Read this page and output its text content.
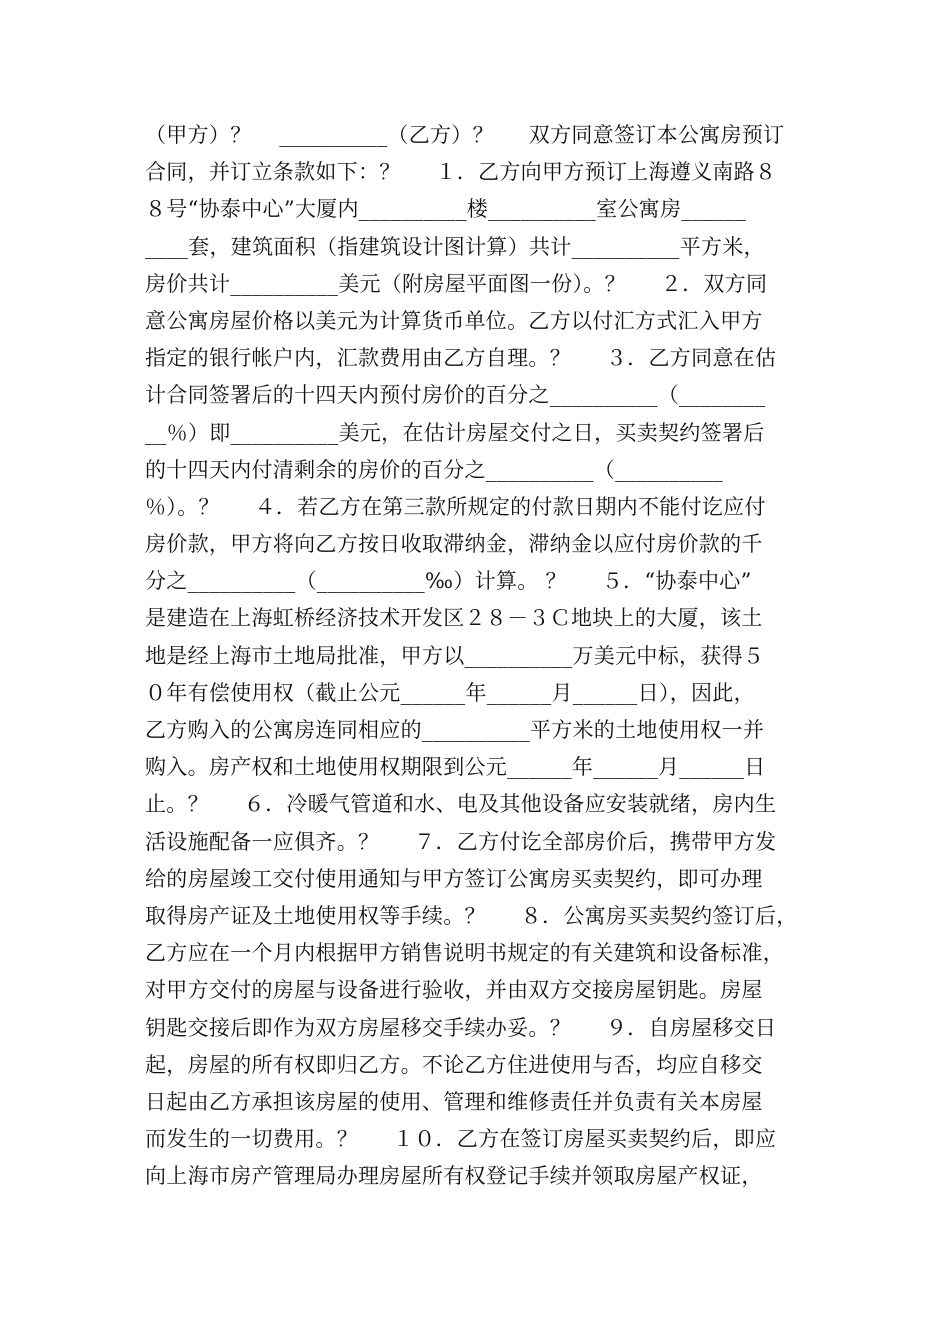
（甲方）？    __________（乙方）？     双方同意签订本公寓房预订
合同，并订立条款如下：？     １．乙方向甲方预订上海遵义南路８
８号“协泰中心”大厦内__________楼__________室公寓房______
____套，建筑面积（指建筑设计图计算）共计__________平方米，
房价共计__________美元（附房屋平面图一份）。？     ２．双方同
意公寓房屋价格以美元为计算货币单位。乙方以付汇方式汇入甲方
指定的银行帐户内，汇款费用由乙方自理。？     ３．乙方同意在估
计合同签署后的十四天内预付房价的百分之__________（________
__％）即__________美元，在估计房屋交付之日，买卖契约签署后
的十四天内付清剩余的房价的百分之__________（__________
％）。？     ４．若乙方在第三款所规定的付款日期内不能付讫应付
房价款，甲方将向乙方按日收取滞纳金，滞纳金以应付房价款的千
分之__________（__________‰）计算。 ？     ５．“协泰中心”
是建造在上海虹桥经济技术开发区２８－３Ｃ地块上的大厦，该土
地是经上海市土地局批准，甲方以__________万美元中标，获得５
０年有偿使用权（截止公元______年______月______日），因此，
乙方购入的公寓房连同相应的__________平方米的土地使用权一并
购入。房产权和土地使用权期限到公元______年______月______日
止。？     ６．冷暖气管道和水、电及其他设备应安装就绪，房内生
活设施配备一应俱齐。？     ７．乙方付讫全部房价后，携带甲方发
给的房屋竣工交付使用通知与甲方签订公寓房买卖契约，即可办理
取得房产证及土地使用权等手续。？     ８．公寓房买卖契约签订后，
乙方应在一个月内根据甲方销售说明书规定的有关建筑和设备标准，
对甲方交付的房屋与设备进行验收，并由双方交接房屋钥匙。房屋
钥匙交接后即作为双方房屋移交手续办妥。？     ９．自房屋移交日
起，房屋的所有权即归乙方。不论乙方住进使用与否，均应自移交
日起由乙方承担该房屋的使用、管理和维修责任并负责有关本房屋
而发生的一切费用。？     １０．乙方在签订房屋买卖契约后，即应
向上海市房产管理局办理房屋所有权登记手续并领取房屋产权证，
